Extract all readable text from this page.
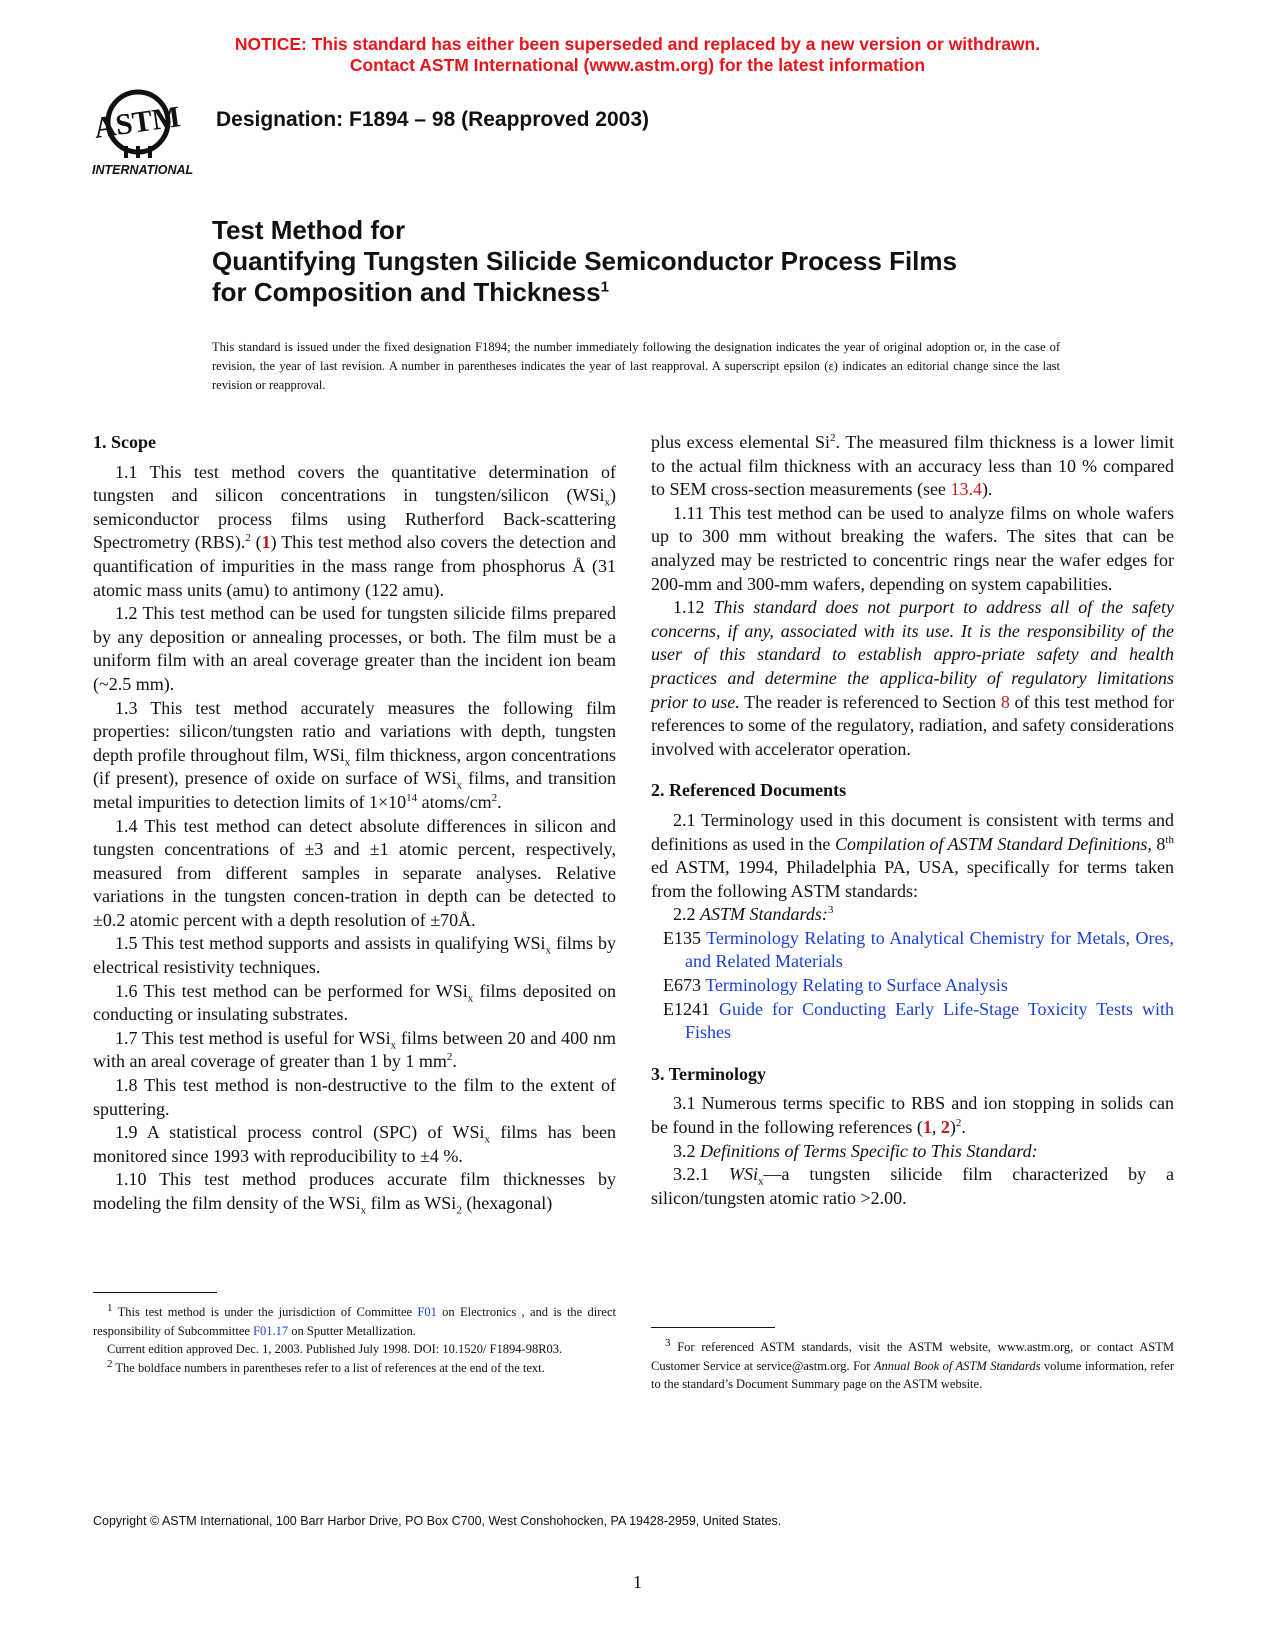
NOTICE: This standard has either been superseded and replaced by a new version or withdrawn.
Contact ASTM International (www.astm.org) for the latest information
ASTM
INTERNATIONAL
Designation: F1894 – 98 (Reapproved 2003)
Test Method for
Quantifying Tungsten Silicide Semiconductor Process Films
for Composition and Thickness$^1$
This standard is issued under the fixed designation F1894; the number immediately following the designation indicates the year of original adoption or, in the case of revision, the year of last revision. A number in parentheses indicates the year of last reapproval. A superscript epsilon (ε) indicates an editorial change since the last revision or reapproval.
1. Scope

1.1 This test method covers the quantitative determination of tungsten and silicon concentrations in tungsten/silicon (WSi$_x$) semiconductor process films using Rutherford Back-scattering Spectrometry (RBS).$^2$ (1) This test method also covers the detection and quantification of impurities in the mass range from phosphorus Å (31 atomic mass units (amu) to antimony (122 amu).

1.2 This test method can be used for tungsten silicide films prepared by any deposition or annealing processes, or both. The film must be a uniform film with an areal coverage greater than the incident ion beam (~2.5 mm).

1.3 This test method accurately measures the following film properties: silicon/tungsten ratio and variations with depth, tungsten depth profile throughout film, WSi$_x$ film thickness, argon concentrations (if present), presence of oxide on surface of WSi$_x$ films, and transition metal impurities to detection limits of $1\times 10^{14}$ atoms/$cm^2$.

1.4 This test method can detect absolute differences in silicon and tungsten concentrations of ±3 and ±1 atomic percent, respectively, measured from different samples in separate analyses. Relative variations in the tungsten concen-tration in depth can be detected to ±0.2 atomic percent with a depth resolution of ±70Å.

1.5 This test method supports and assists in qualifying WSi$_x$ films by electrical resistivity techniques.

1.6 This test method can be performed for WSi$_x$ films deposited on conducting or insulating substrates.

1.7 This test method is useful for WSi$_x$ films between 20 and 400 nm with an areal coverage of greater than 1 by 1 $mm^2$.

1.8 This test method is non-destructive to the film to the extent of sputtering.

1.9 A statistical process control (SPC) of WSi$_x$ films has been monitored since 1993 with reproducibility to ±4 %.

1.10 This test method produces accurate film thicknesses by modeling the film density of the WSi$_x$ film as WSi$_2$ (hexagonal)

$^1$ This test method is under the jurisdiction of Committee F01 on Electronics , and is the direct responsibility of Subcommittee F01.17 on Sputter Metallization.

Current edition approved Dec. 1, 2003. Published July 1998. DOI: 10.1520/ F1894-98R03.

$^2$ The boldface numbers in parentheses refer to a list of references at the end of the text.

plus excess elemental Si$^2$. The measured film thickness is a lower limit to the actual film thickness with an accuracy less than 10 % compared to SEM cross-section measurements (see 13.4).

1.11 This test method can be used to analyze films on whole wafers up to 300 mm without breaking the wafers. The sites that can be analyzed may be restricted to concentric rings near the wafer edges for 200-mm and 300-mm wafers, depending on system capabilities.

1.12 This standard does not purport to address all of the safety concerns, if any, associated with its use. It is the responsibility of the user of this standard to establish appro-priate safety and health practices and determine the applica-bility of regulatory limitations prior to use. The reader is referenced to Section 8 of this test method for references to some of the regulatory, radiation, and safety considerations involved with accelerator operation.

2. Referenced Documents

2.1 Terminology used in this document is consistent with terms and definitions as used in the Compilation of ASTM Standard Definitions, 8th ed ASTM, 1994, Philadelphia PA, USA, specifically for terms taken from the following ASTM standards:

2.2 ASTM Standards:$^3$

E135 Terminology Relating to Analytical Chemistry for Metals, Ores, and Related Materials

E673 Terminology Relating to Surface Analysis

E1241 Guide for Conducting Early Life-Stage Toxicity Tests with Fishes

3. Terminology

3.1 Numerous terms specific to RBS and ion stopping in solids can be found in the following references (1, 2)$^2$.

3.2 Definitions of Terms Specific to This Standard:

3.2.1 WSi$_x$—a tungsten silicide film characterized by a silicon/tungsten atomic ratio >2.00.

$^3$ For referenced ASTM standards, visit the ASTM website, www.astm.org, or contact ASTM Customer Service at service@astm.org. For Annual Book of ASTM Standards volume information, refer to the standard’s Document Summary page on the ASTM website.

Copyright © ASTM International, 100 Barr Harbor Drive, PO Box C700, West Conshohocken, PA 19428-2959, United States.
1
